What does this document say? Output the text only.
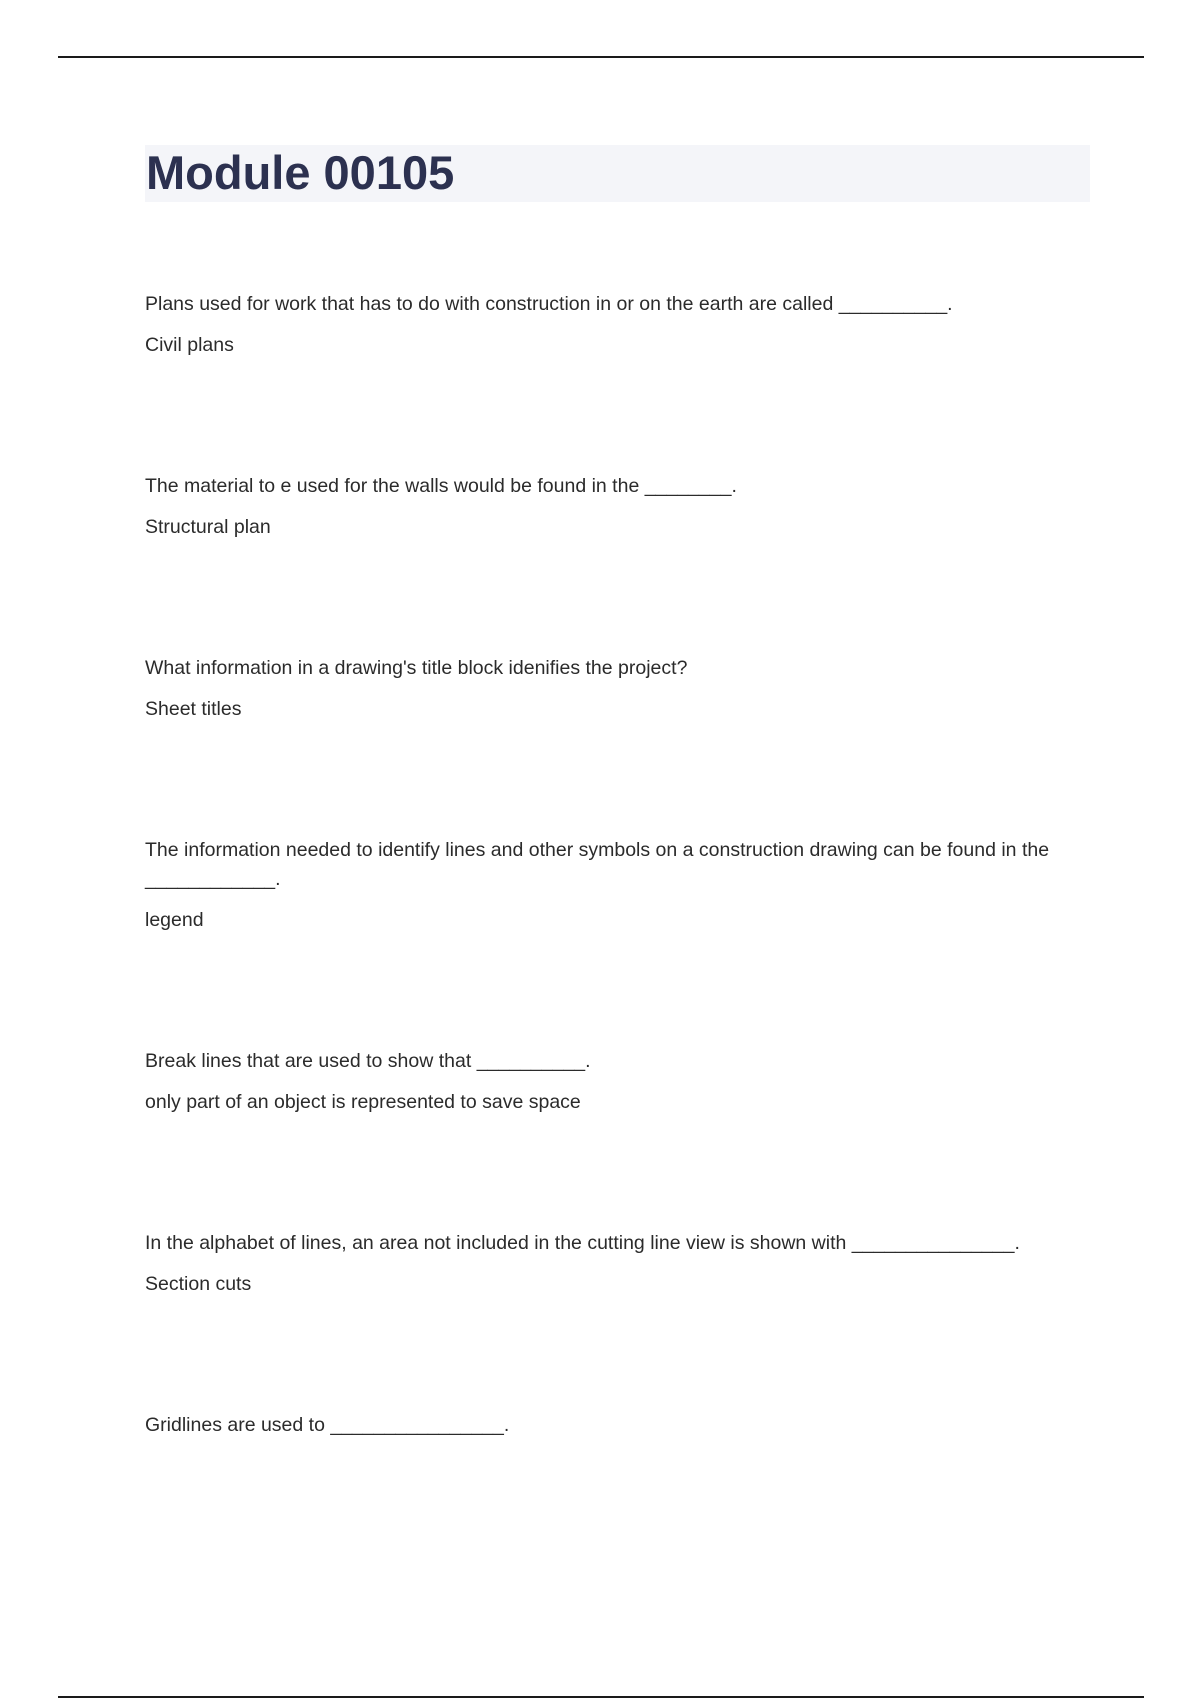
Module 00105

Plans used for work that has to do with construction in or on the earth are called __________.

Civil plans

The material to e used for the walls would be found in the ________.

Structural plan

What information in a drawing's title block idenifies the project?

Sheet titles

The information needed to identify lines and other symbols on a construction drawing can be found in the ____________.

legend

Break lines that are used to show that __________.

only part of an object is represented to save space

In the alphabet of lines, an area not included in the cutting line view is shown with _______________.

Section cuts

Gridlines are used to ________________.
